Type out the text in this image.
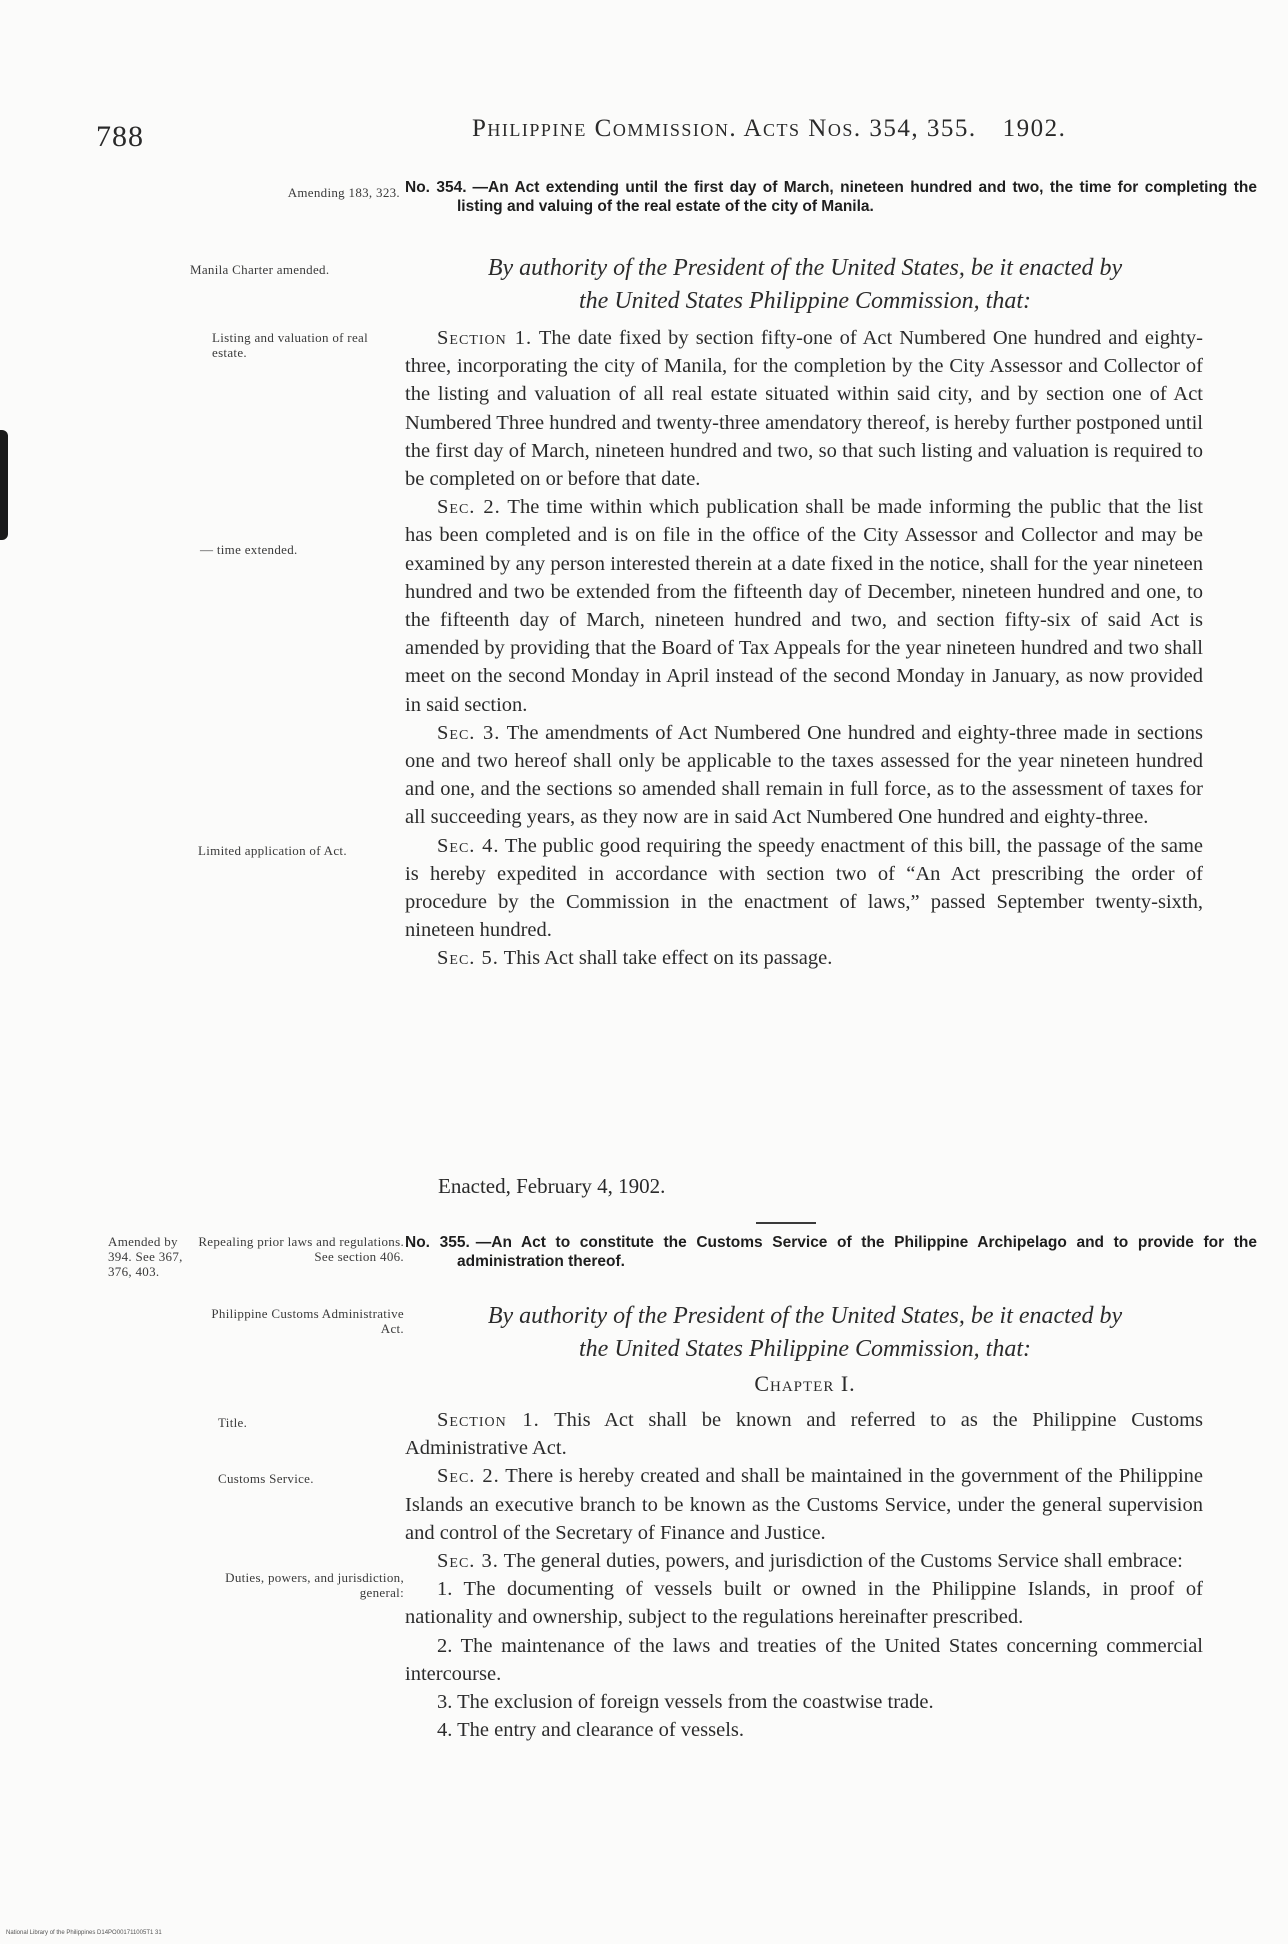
788	Philippine Commission. Acts Nos. 354, 355. 1902.
Amending 183, 323.
Manila Charter amended.
Listing and valuation of real estate.
— time extended.
Limited application of Act.
No. 354. —An Act extending until the first day of March, nineteen hundred and two, the time for completing the listing and valuing of the real estate of the city of Manila.
By authority of the President of the United States, be it enacted by
the United States Philippine Commission, that:

Section 1. The date fixed by section fifty-one of Act Numbered One hundred and eighty-three, incorporating the city of Manila, for the completion by the City Assessor and Collector of the listing and valuation of all real estate situated within said city, and by section one of Act Numbered Three hundred and twenty-three amendatory thereof, is hereby further postponed until the first day of March, nineteen hundred and two, so that such listing and valuation is required to be completed on or before that date.

Sec. 2. The time within which publication shall be made informing the public that the list has been completed and is on file in the office of the City Assessor and Collector and may be examined by any person interested therein at a date fixed in the notice, shall for the year nineteen hundred and two be extended from the fifteenth day of December, nineteen hundred and one, to the fifteenth day of March, nineteen hundred and two, and section fifty-six of said Act is amended by providing that the Board of Tax Appeals for the year nineteen hundred and two shall meet on the second Monday in April instead of the second Monday in January, as now provided in said section.

Sec. 3. The amendments of Act Numbered One hundred and eighty-three made in sections one and two hereof shall only be applicable to the taxes assessed for the year nineteen hundred and one, and the sections so amended shall remain in full force, as to the assessment of taxes for all succeeding years, as they now are in said Act Numbered One hundred and eighty-three.

Sec. 4. The public good requiring the speedy enactment of this bill, the passage of the same is hereby expedited in accordance with section two of “An Act prescribing the order of procedure by the Commission in the enactment of laws,” passed September twenty-sixth, nineteen hundred.

Sec. 5. This Act shall take effect on its passage.

Enacted, February 4, 1902.
Amended by 394. See 367, 376, 403.
Repealing prior laws and regulations. See section 406.
Philippine Customs Administrative Act.
Title.
Customs Service.
Duties, powers, and jurisdiction, general:
No. 355. —An Act to constitute the Customs Service of the Philippine Archipelago and to provide for the administration thereof.
By authority of the President of the United States, be it enacted by
the United States Philippine Commission, that:
Chapter I.

Section 1. This Act shall be known and referred to as the Philippine Customs Administrative Act.

Sec. 2. There is hereby created and shall be maintained in the government of the Philippine Islands an executive branch to be known as the Customs Service, under the general supervision and control of the Secretary of Finance and Justice.

Sec. 3. The general duties, powers, and jurisdiction of the Customs Service shall embrace:

1. The documenting of vessels built or owned in the Philippine Islands, in proof of nationality and ownership, subject to the regulations hereinafter prescribed.

2. The maintenance of the laws and treaties of the United States concerning commercial intercourse.

3. The exclusion of foreign vessels from the coastwise trade.

4. The entry and clearance of vessels.

National Library of the Philippines D14PO001711005T1 31
